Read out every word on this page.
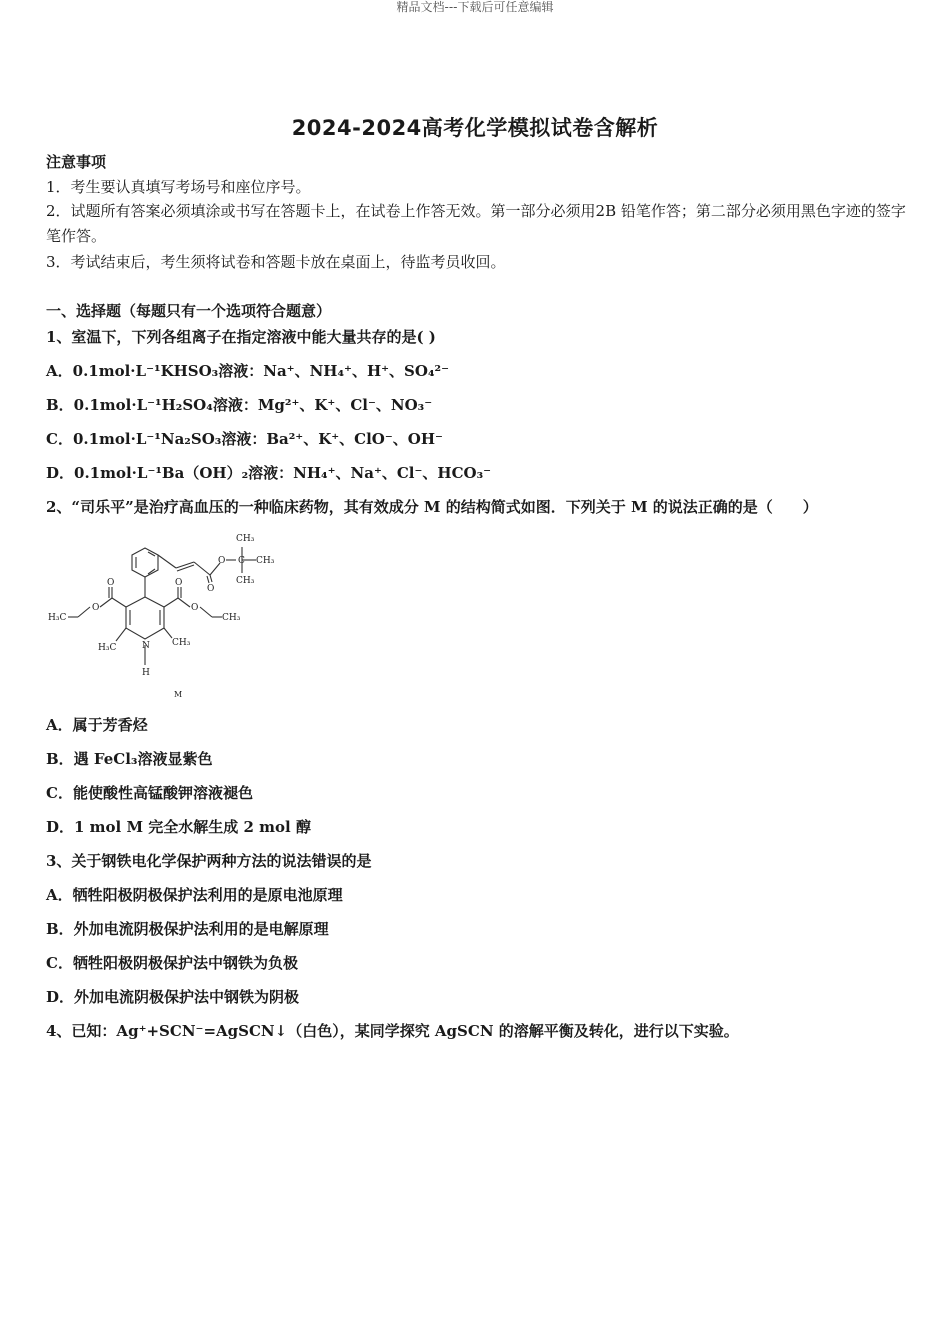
精品文档---下载后可任意编辑
2024-2024高考化学模拟试卷含解析
注意事项
1．考生要认真填写考场号和座位序号。
2．试题所有答案必须填涂或书写在答题卡上，在试卷上作答无效。第一部分必须用2B 铅笔作答；第二部分必须用黑色字迹的签字笔作答。
3．考试结束后，考生须将试卷和答题卡放在桌面上，待监考员收回。
一、选择题（每题只有一个选项符合题意）
1、室温下，下列各组离子在指定溶液中能大量共存的是( )
A．0.1mol·L⁻¹KHSO₃溶液：Na⁺、NH₄⁺、H⁺、SO₄²⁻
B．0.1mol·L⁻¹H₂SO₄溶液：Mg²⁺、K⁺、Cl⁻、NO₃⁻
C．0.1mol·L⁻¹Na₂SO₃溶液：Ba²⁺、K⁺、ClO⁻、OH⁻
D．0.1mol·L⁻¹Ba（OH）₂溶液：NH₄⁺、Na⁺、Cl⁻、HCO₃⁻
2、“司乐平”是治疗高血压的一种临床药物，其有效成分 M 的结构简式如图．下列关于 M 的说法正确的是（　　）
CH₃
O C CH₃
CH₃
O
O
O
H₃C
O
O
CH₃
H₃C	N CH₃
H
M
A．属于芳香烃
B．遇 FeCl₃溶液显紫色
C．能使酸性高锰酸钾溶液褪色
D．1 mol M 完全水解生成 2 mol 醇
3、关于钢铁电化学保护两种方法的说法错误的是
A．牺牲阳极阴极保护法利用的是原电池原理
B．外加电流阴极保护法利用的是电解原理
C．牺牲阳极阴极保护法中钢铁为负极
D．外加电流阴极保护法中钢铁为阴极
4、已知：Ag⁺+SCN⁻=AgSCN↓（白色），某同学探究 AgSCN 的溶解平衡及转化，进行以下实验。
